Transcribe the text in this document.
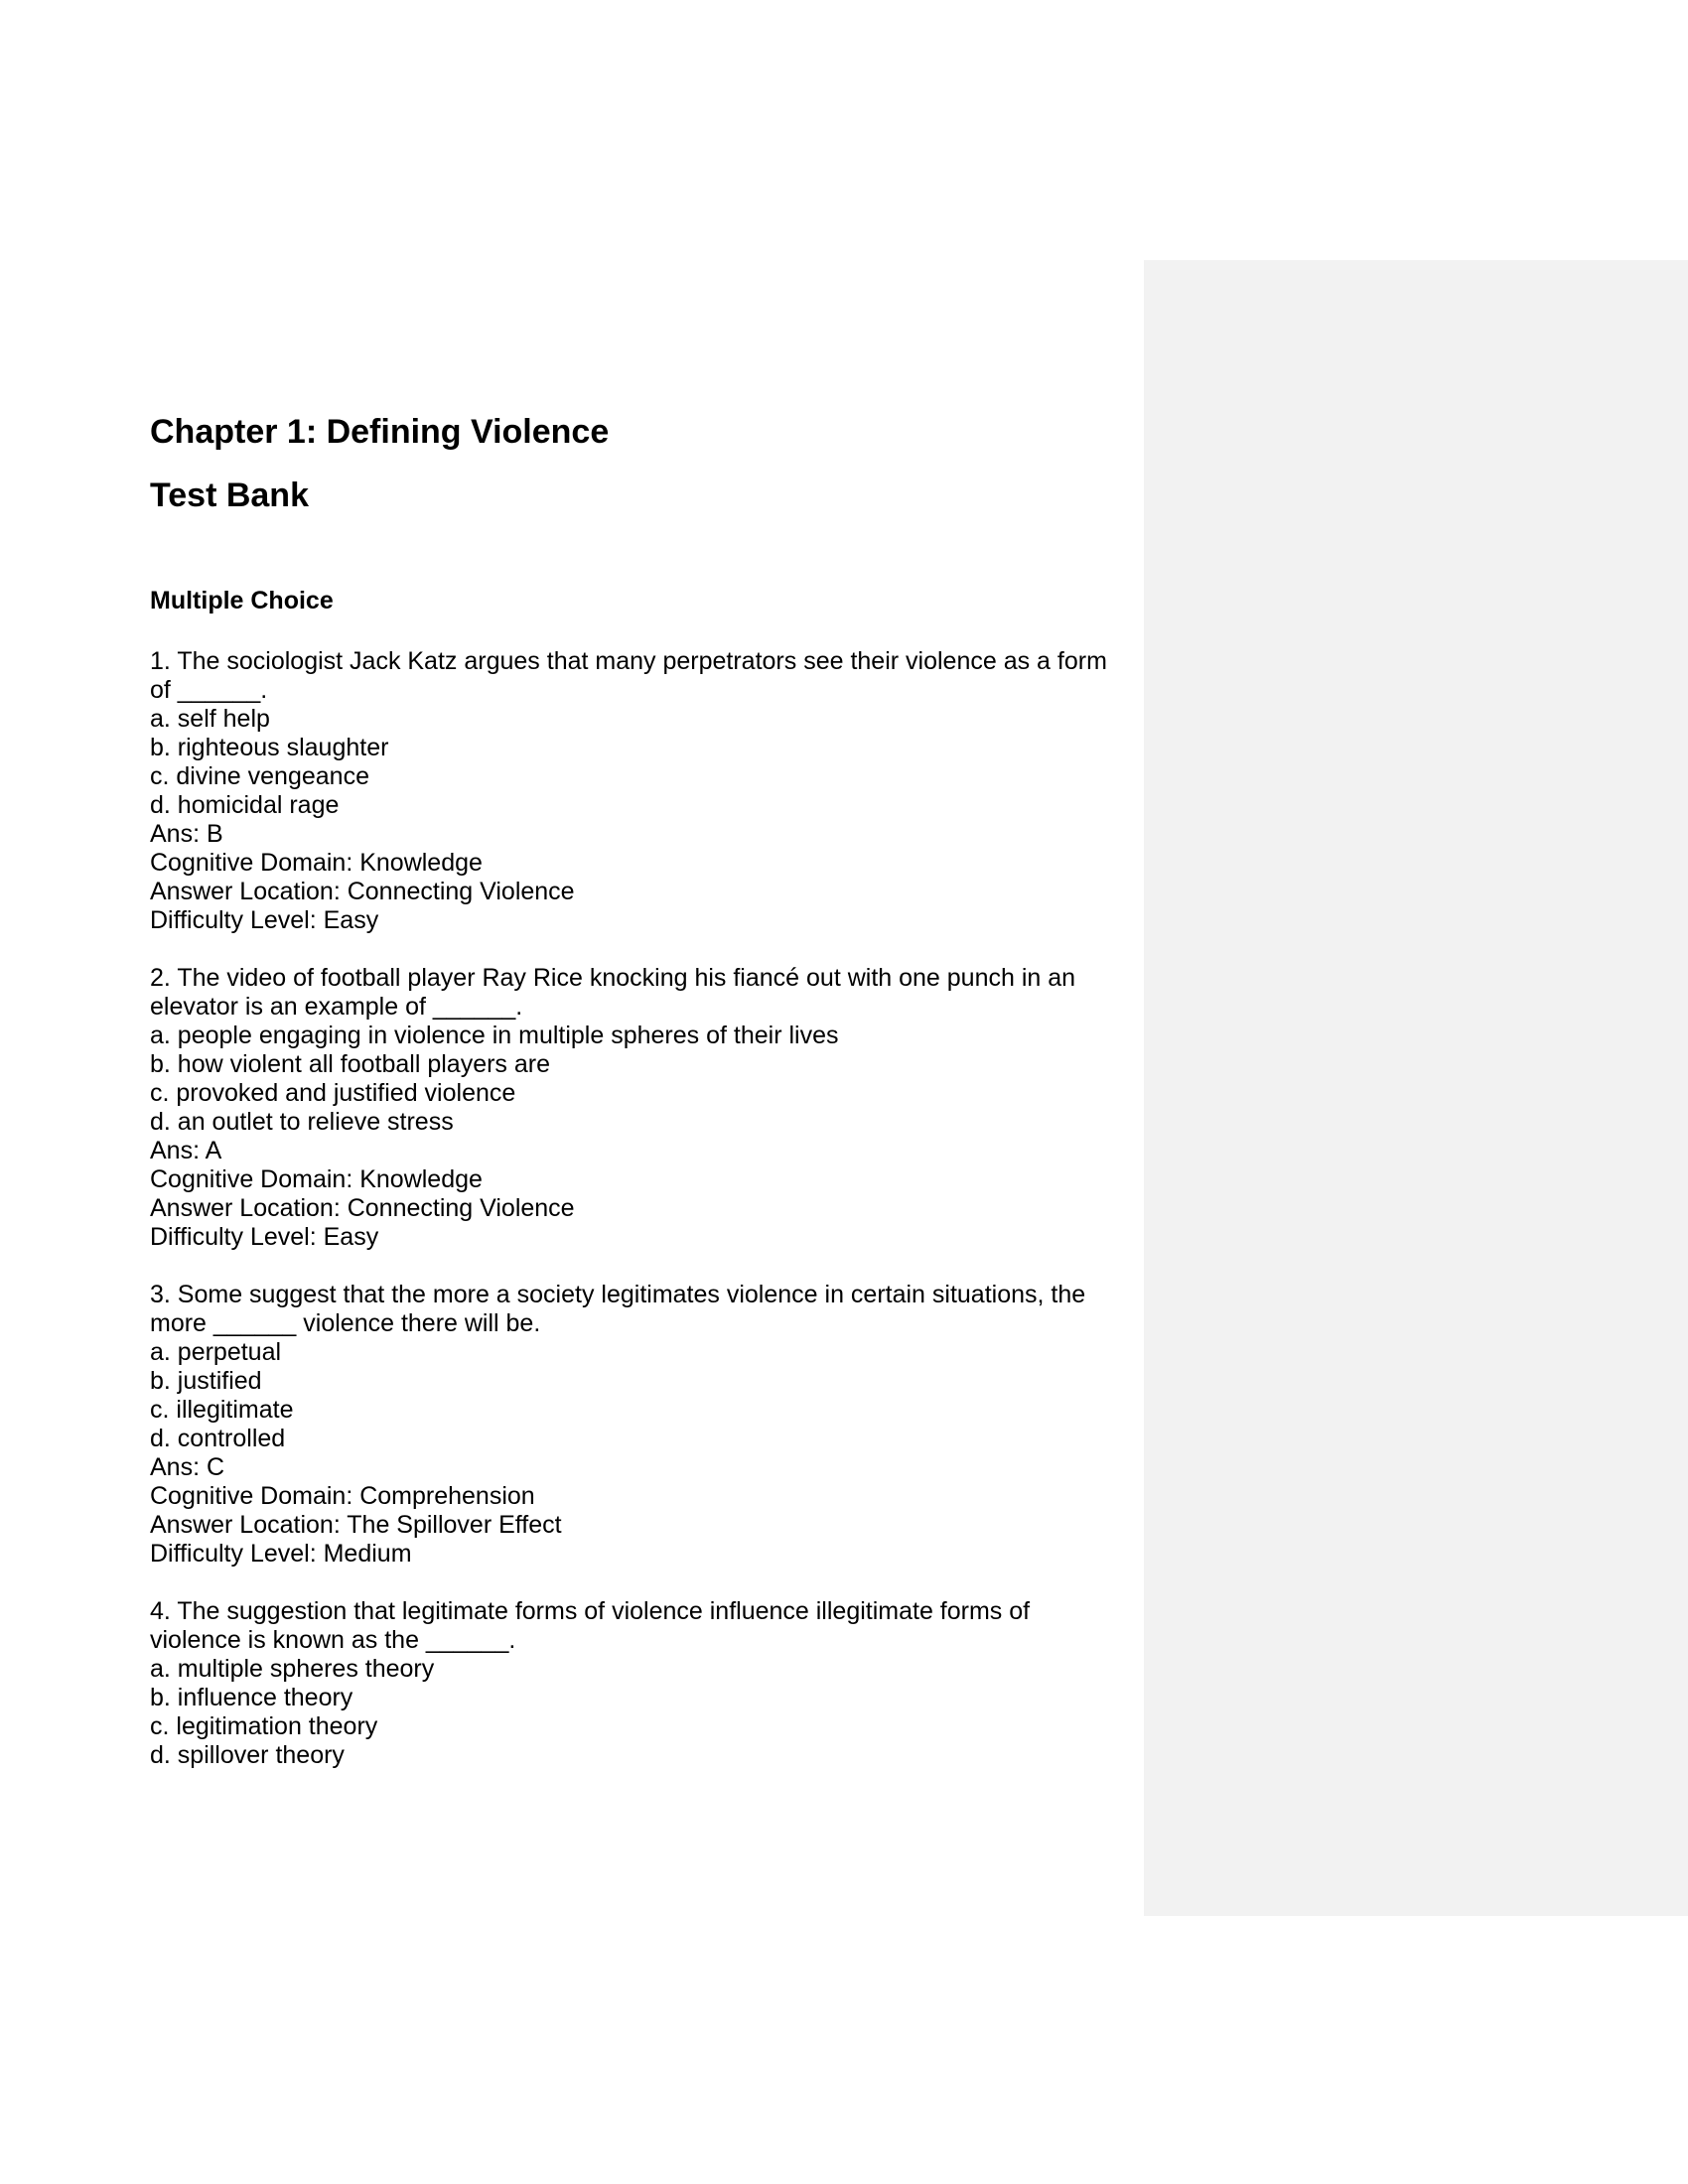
Chapter 1: Defining Violence
Test Bank
Multiple Choice
1. The sociologist Jack Katz argues that many perpetrators see their violence as a form
of ______.
a. self help
b. righteous slaughter
c. divine vengeance
d. homicidal rage
Ans: B
Cognitive Domain: Knowledge
Answer Location: Connecting Violence
Difficulty Level: Easy
2. The video of football player Ray Rice knocking his fiancé out with one punch in an
elevator is an example of ______.
a. people engaging in violence in multiple spheres of their lives
b. how violent all football players are
c. provoked and justified violence
d. an outlet to relieve stress
Ans: A
Cognitive Domain: Knowledge
Answer Location: Connecting Violence
Difficulty Level: Easy
3. Some suggest that the more a society legitimates violence in certain situations, the
more ______ violence there will be.
a. perpetual
b. justified
c. illegitimate
d. controlled
Ans: C
Cognitive Domain: Comprehension
Answer Location: The Spillover Effect
Difficulty Level: Medium
4. The suggestion that legitimate forms of violence influence illegitimate forms of
violence is known as the ______.
a. multiple spheres theory
b. influence theory
c. legitimation theory
d. spillover theory
